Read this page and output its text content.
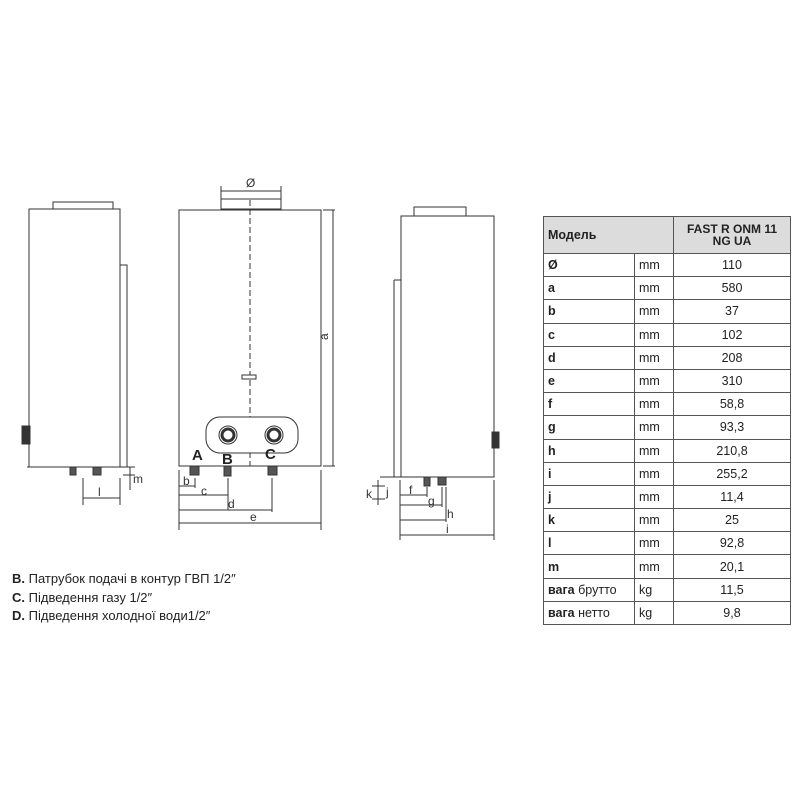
Ø
a
b
c
d
e
l
m
k j f
g
h
i
A B C
B. Патрубок подачі в контур ГВП 1/2″
C. Підведення газу 1/2″
D. Підведення холодної води1/2″
Модель		FAST R ONM 11 NG UA
Ø	mm	110
a	mm	580
b	mm	37
c	mm	102
d	mm	208
e	mm	310
f	mm	58,8
g	mm	93,3
h	mm	210,8
i	mm	255,2
j	mm	11,4
k	mm	25
l	mm	92,8
m	mm	20,1
вага брутто	kg	11,5
вага нетто	kg	9,8
